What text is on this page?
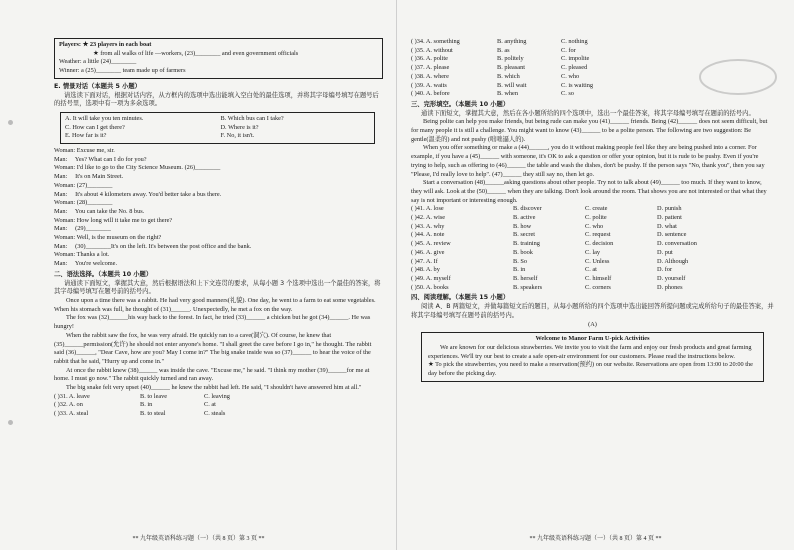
Players: ★ 23 players in each boat
★ from all walks of life —workers, (23)________ and even government officials
Weather: a little (24)________
Winner: a (25)________ team made up of farmers
E. 情景对话（本题共 5 小题）
请选读下面对话，根据对话内容，从方框内的选项中选出能填入空白处的最佳选项，并将其字母编号填写在题号后的括号里，选项中有一项为多余选项。
A. It will take you ten minutes.	B. Which bus can I take?
C. How can I get there?	D. Where is it?
E. How far is it?	F. No, it isn't.
Woman: Excuse me, sir.
Man:     Yes? What can I do for you?
Woman: I'd like to go to the City Science Museum. (26)________
Man:     It's on Main Street.
Woman: (27)________
Man:     It's about 4 kilometers away. You'd better take a bus there.
Woman: (28)________
Man:     You can take the No. 8 bus.
Woman: How long will it take me to get there?
Man:     (29)________
Woman: Well, is the museum on the right?
Man:     (30)________It's on the left. It's between the post office and the bank.
Woman: Thanks a lot.
Man:     You're welcome.
二、语法选择。（本题共 10 小题）
请通读下面短文，掌握其大意，然后根据语法和上下文连贯的要求，从每小题 3 个选项中选出一个最佳的答案，将其字母编号填写在题号前的括号内。
Once upon a time there was a rabbit. He had very good manners(礼貌). One day, he went to a farm to eat some vegetables. When his stomach was full, he thought of (31)______. Unexpectedly, he met a fox on the way.
The fox was (32)______his way back to the forest. In fact, he tried (33)______ a chicken but he got (34)______. He was hungry!
When the rabbit saw the fox, he was very afraid. He quickly ran to a cave(洞穴). Of course, he knew that (35)______permission(允许) he should not enter anyone's home. "I shall greet the cave before I go in," he thought. The rabbit said (36)______, "Dear Cave, how are you? May I come in?" The big snake inside was so (37)______ to hear the voice of the rabbit that he said, "Hurry up and come in."
At once the rabbit knew (38)______ was inside the cave. "Excuse me," he said. "I think my mother (39)______for me at home. I must go now." The rabbit quickly turned and ran away.
The big snake felt very upset (40)______ he knew the rabbit had left. He said, "I shouldn't have answered him at all."
( )31. A. leave	B. to leave	C. leaving
( )32. A. on	B. in	C. at
( )33. A. steal	B. to steal	C. steals
** 九年级英语科练习题（一）（共 8 页）第 3 页 **
( )34. A. something	B. anything	C. nothing
( )35. A. without	B. as	C. for
( )36. A. polite	B. politely	C. impolite
( )37. A. please	B. pleasant	C. pleased
( )38. A. where	B. which	C. who
( )39. A. waits	B. will wait	C. is waiting
( )40. A. before	B. when	C. so
三、完形填空。（本题共 10 小题）
通读下面短文，掌握其大意，然后在各小题所给的四个选项中，选出一个最佳答案，将其字母编号填写在题前的括号内。
Being polite can help you make friends, but being rude can make you (41)______ friends. Being (42)______ does not seem difficult, but for many people it is still a challenge. You might want to know (43)______ to be a polite person. The following are two suggestion: Be gentle(温柔的) and not pushy (咄咄逼人的).
When you offer something or make a (44)______, you do it without making people feel like they are being pushed into a corner. For example, if you have a (45)______ with someone, it's OK to ask a question or offer your opinion, but it is rude to be pushy. Even if you're trying to help, such as offering to (46)______ the table and wash the dishes, don't be pushy. If the person says "No, thank you", then you say "Please, I'd really love to help". (47)______ they still say no, then let go.
Start a conversation (48)______asking questions about other people. Try not to talk about (49)______ too much. If they want to know, they will ask. Look at the (50)______ when they are talking. Don't look around the room. That shows you are not interested or that what they say is not important or interesting enough.
( )41. A. lose	B. discover	C. create	D. punish
( )42. A. wise	B. active	C. polite	D. patient
( )43. A. why	B. how	C. who	D. what
( )44. A. note	B. secret	C. request	D. sentence
( )45. A. review	B. training	C. decision	D. conversation
( )46. A. give	B. book	C. lay	D. put
( )47. A. If	B. So	C. Unless	D. Although
( )48. A. by	B. in	C. at	D. for
( )49. A. myself	B. herself	C. himself	D. yourself
( )50. A. books	B. speakers	C. corners	D. phones
四、阅读理解。（本题共 15 小题）
阅读 A、B 两篇短文，并做每篇短文后的题目，从每小题所给的四个选项中选出能回答所提问题或完成所给句子的最佳答案，并将其字母编号填写在题号前的括号内。
(A)
Welcome to Manor Farm U-pick Activities
We are known for our delicious strawberries. We invite you to visit the farm and enjoy our fresh products and great farming experiences. We'll try our best to create a safe open-air environment for our customers. Please read the instructions below.
★ To pick the strawberries, you need to make a reservation(预约) on our website. Reservations are open from 13:00 to 20:00 the day before the picking day.
** 九年级英语科练习题（一）（共 8 页）第 4 页 **
